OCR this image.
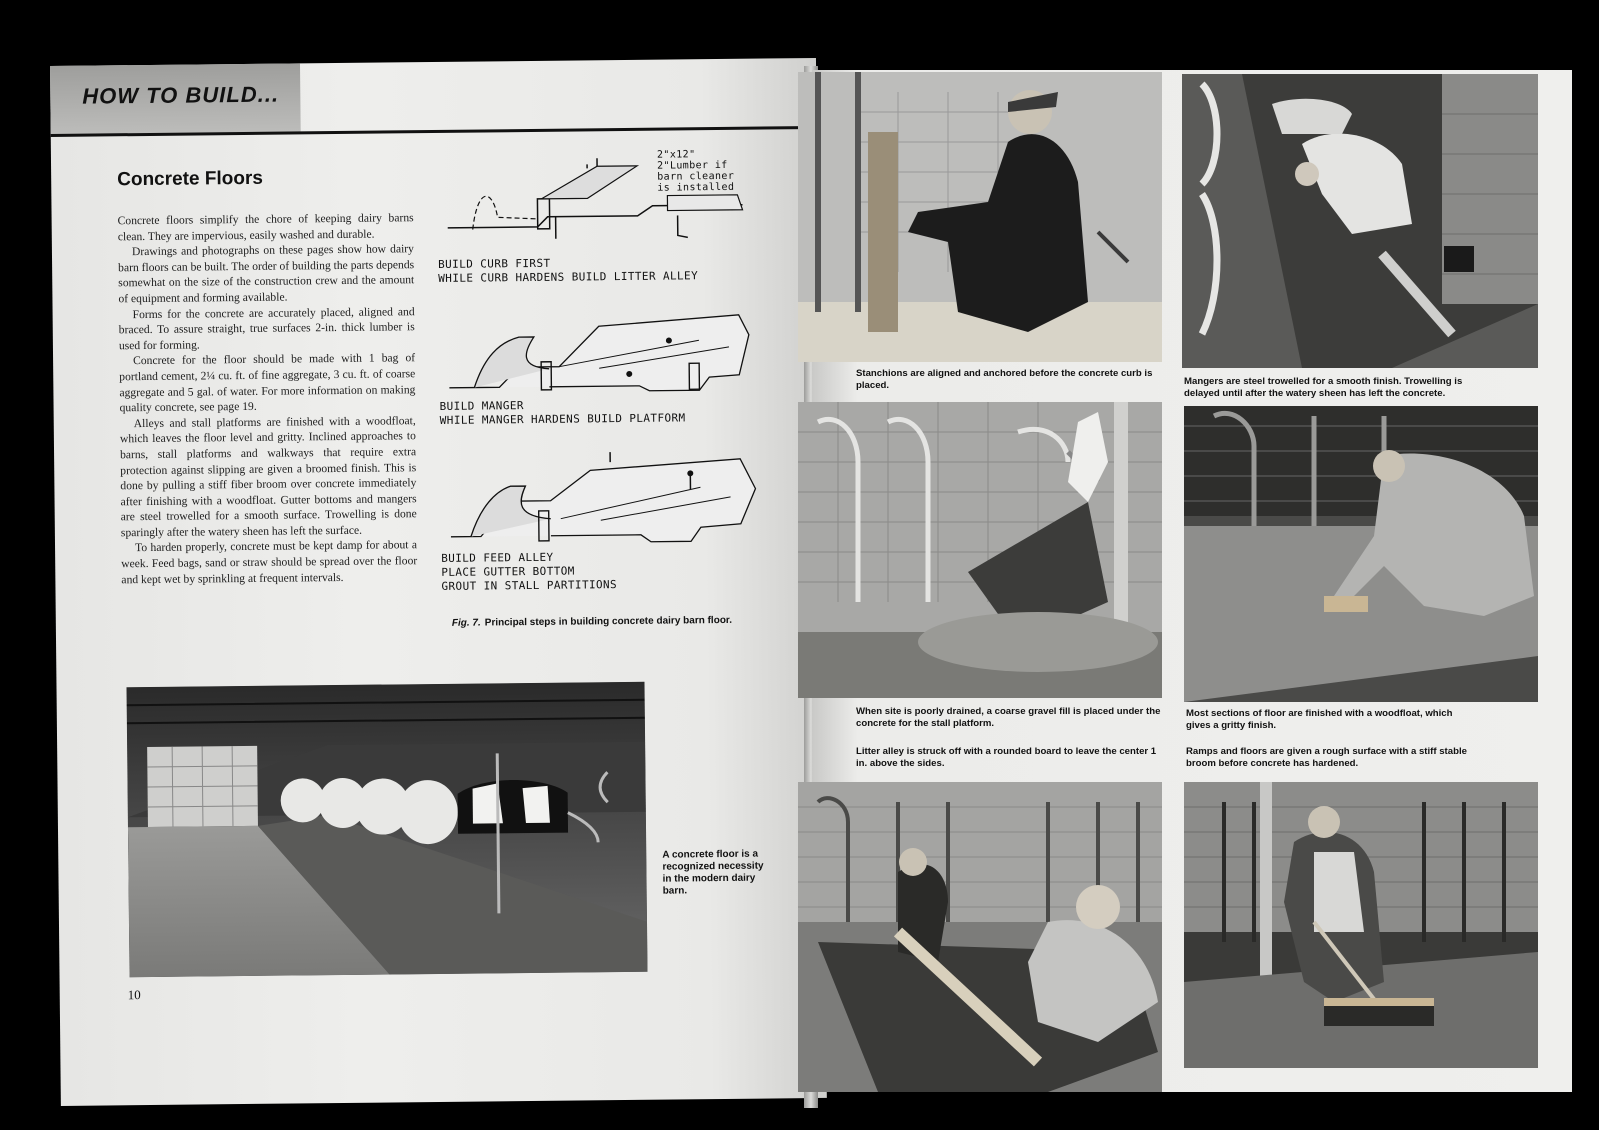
HOW TO BUILD...
Concrete Floors

Concrete floors simplify the chore of keeping dairy barns clean. They are impervious, easily washed and durable.

Drawings and photographs on these pages show how dairy barn floors can be built. The order of building the parts depends somewhat on the size of the construction crew and the amount of equipment and forming available.

Forms for the concrete are accurately placed, aligned and braced. To assure straight, true surfaces 2-in. thick lumber is used for forming.

Concrete for the floor should be made with 1 bag of portland cement, 2¼ cu. ft. of fine aggregate, 3 cu. ft. of coarse aggregate and 5 gal. of water. For more information on making quality concrete, see page 19.

Alleys and stall platforms are finished with a woodfloat, which leaves the floor level and gritty. Inclined approaches to barns, stall platforms and walkways that require extra protection against slipping are given a broomed finish. This is done by pulling a stiff fiber broom over concrete immediately after finishing with a woodfloat. Gutter bottoms and mangers are steel trowelled for a smooth surface. Trowelling is done sparingly after the watery sheen has left the surface.

To harden properly, concrete must be kept damp for about a week. Feed bags, sand or straw should be spread over the floor and kept wet by sprinkling at frequent intervals.

2"x12"
2"Lumber if
barn cleaner
is installed
BUILD CURB FIRST
WHILE CURB HARDENS BUILD LITTER ALLEY
BUILD MANGER
WHILE MANGER HARDENS BUILD PLATFORM
BUILD FEED ALLEY
PLACE GUTTER BOTTOM
GROUT IN STALL PARTITIONS
Fig. 7. Principal steps in building concrete dairy barn floor.
A concrete floor is a recognized necessity in the modern dairy barn.
10
Stanchions are aligned and anchored before the concrete curb is placed.	Mangers are steel trowelled for a smooth finish. Trowelling is delayed until after the watery sheen has left the concrete.
When site is poorly drained, a coarse gravel fill is placed under the concrete for the stall platform.
Most sections of floor are finished with a woodfloat, which gives a gritty finish.
Litter alley is struck off with a rounded board to leave the center 1 in. above the sides.
Ramps and floors are given a rough surface with a stiff stable broom before concrete has hardened.
